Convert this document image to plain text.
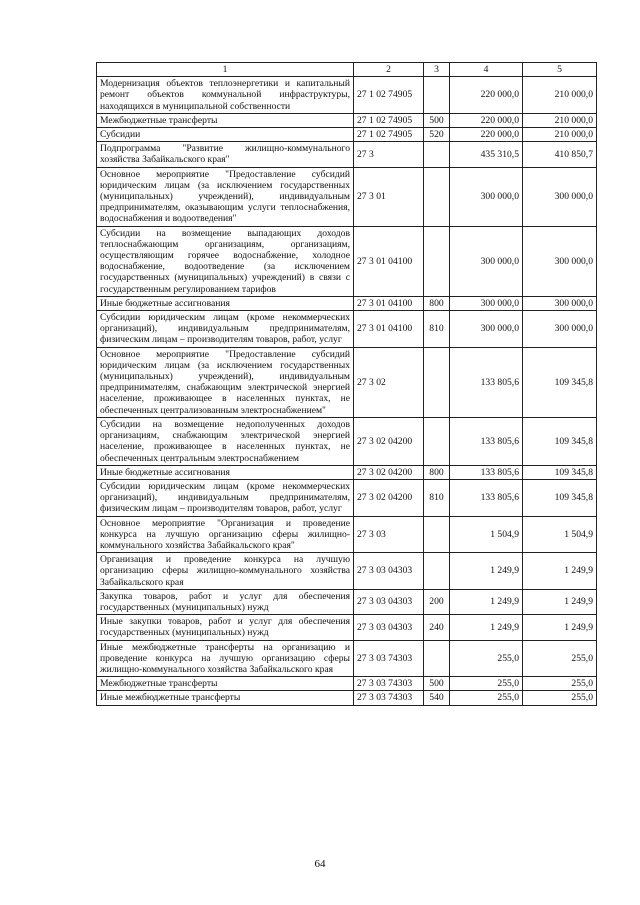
1	2	3	4	5
Модернизация объектов теплоэнергетики и капитальный ремонт объектов коммунальной инфраструктуры, находящихся в муниципальной собственности	27 1 02 74905		220 000,0	210 000,0
Межбюджетные трансферты	27 1 02 74905	500	220 000,0	210 000,0
Субсидии	27 1 02 74905	520	220 000,0	210 000,0
Подпрограмма "Развитие жилищно-коммунального хозяйства Забайкальского края"	27 3		435 310,5	410 850,7
Основное мероприятие "Предоставление субсидий юридическим лицам (за исключением государственных (муниципальных) учреждений), индивидуальным предпринимателям, оказывающим услуги теплоснабжения, водоснабжения и водоотведения"	27 3 01		300 000,0	300 000,0
Субсидии на возмещение выпадающих доходов теплоснабжающим организациям, организациям, осуществляющим горячее водоснабжение, холодное водоснабжение, водоотведение (за исключением государственных (муниципальных) учреждений) в связи с государственным регулированием тарифов	27 3 01 04100		300 000,0	300 000,0
Иные бюджетные ассигнования	27 3 01 04100	800	300 000,0	300 000,0
Субсидии юридическим лицам (кроме некоммерческих организаций), индивидуальным предпринимателям, физическим лицам – производителям товаров, работ, услуг	27 3 01 04100	810	300 000,0	300 000,0
Основное мероприятие "Предоставление субсидий юридическим лицам (за исключением государственных (муниципальных) учреждений), индивидуальным предпринимателям, снабжающим электрической энергией население, проживающее в населенных пунктах, не обеспеченных централизованным электроснабжением"	27 3 02		133 805,6	109 345,8
Субсидии на возмещение недополученных доходов организациям, снабжающим электрической энергией население, проживающее в населенных пунктах, не обеспеченных центральным электроснабжением	27 3 02 04200		133 805,6	109 345,8
Иные бюджетные ассигнования	27 3 02 04200	800	133 805,6	109 345,8
Субсидии юридическим лицам (кроме некоммерческих организаций), индивидуальным предпринимателям, физическим лицам – производителям товаров, работ, услуг	27 3 02 04200	810	133 805,6	109 345,8
Основное мероприятие "Организация и проведение конкурса на лучшую организацию сферы жилищно-коммунального хозяйства Забайкальского края"	27 3 03		1 504,9	1 504,9
Организация и проведение конкурса на лучшую организацию сферы жилищно-коммунального хозяйства Забайкальского края	27 3 03 04303		1 249,9	1 249,9
Закупка товаров, работ и услуг для обеспечения государственных (муниципальных) нужд	27 3 03 04303	200	1 249,9	1 249,9
Иные закупки товаров, работ и услуг для обеспечения государственных (муниципальных) нужд	27 3 03 04303	240	1 249,9	1 249,9
Иные межбюджетные трансферты на организацию и проведение конкурса на лучшую организацию сферы жилищно-коммунального хозяйства Забайкальского края	27 3 03 74303		255,0	255,0
Межбюджетные трансферты	27 3 03 74303	500	255,0	255,0
Иные межбюджетные трансферты	27 3 03 74303	540	255,0	255,0
64
